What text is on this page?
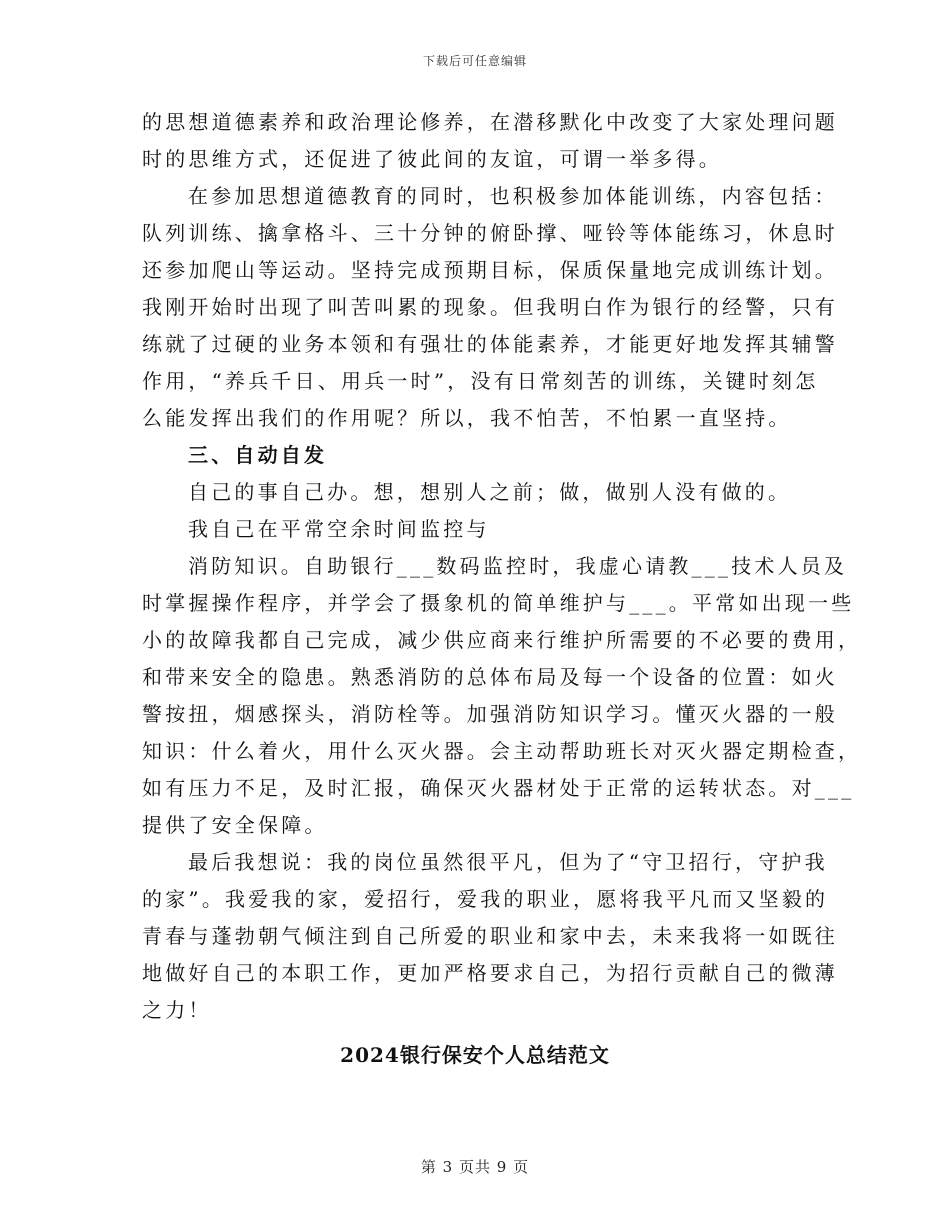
下载后可任意编辑
的思想道德素养和政治理论修养，在潜移默化中改变了大家处理问题
时的思维方式，还促进了彼此间的友谊，可谓一举多得。
在参加思想道德教育的同时，也积极参加体能训练，内容包括：
队列训练、擒拿格斗、三十分钟的俯卧撑、哑铃等体能练习，休息时
还参加爬山等运动。坚持完成预期目标，保质保量地完成训练计划。
我刚开始时出现了叫苦叫累的现象。但我明白作为银行的经警，只有
练就了过硬的业务本领和有强壮的体能素养，才能更好地发挥其辅警
作用，“养兵千日、用兵一时”，没有日常刻苦的训练，关键时刻怎
么能发挥出我们的作用呢？所以，我不怕苦，不怕累一直坚持。
三、自动自发
自己的事自己办。想，想别人之前；做，做别人没有做的。
我自己在平常空余时间监控与
消防知识。自助银行___数码监控时，我虚心请教___技术人员及
时掌握操作程序，并学会了摄象机的简单维护与___。平常如出现一些
小的故障我都自己完成，减少供应商来行维护所需要的不必要的费用，
和带来安全的隐患。熟悉消防的总体布局及每一个设备的位置：如火
警按扭，烟感探头，消防栓等。加强消防知识学习。懂灭火器的一般
知识：什么着火，用什么灭火器。会主动帮助班长对灭火器定期检查，
如有压力不足，及时汇报，确保灭火器材处于正常的运转状态。对___
提供了安全保障。
最后我想说：我的岗位虽然很平凡，但为了“守卫招行，守护我
的家”。我爱我的家，爱招行，爱我的职业，愿将我平凡而又坚毅的
青春与蓬勃朝气倾注到自己所爱的职业和家中去，未来我将一如既往
地做好自己的本职工作，更加严格要求自己，为招行贡献自己的微薄
之力！
2024银行保安个人总结范文
第 3 页共 9 页
